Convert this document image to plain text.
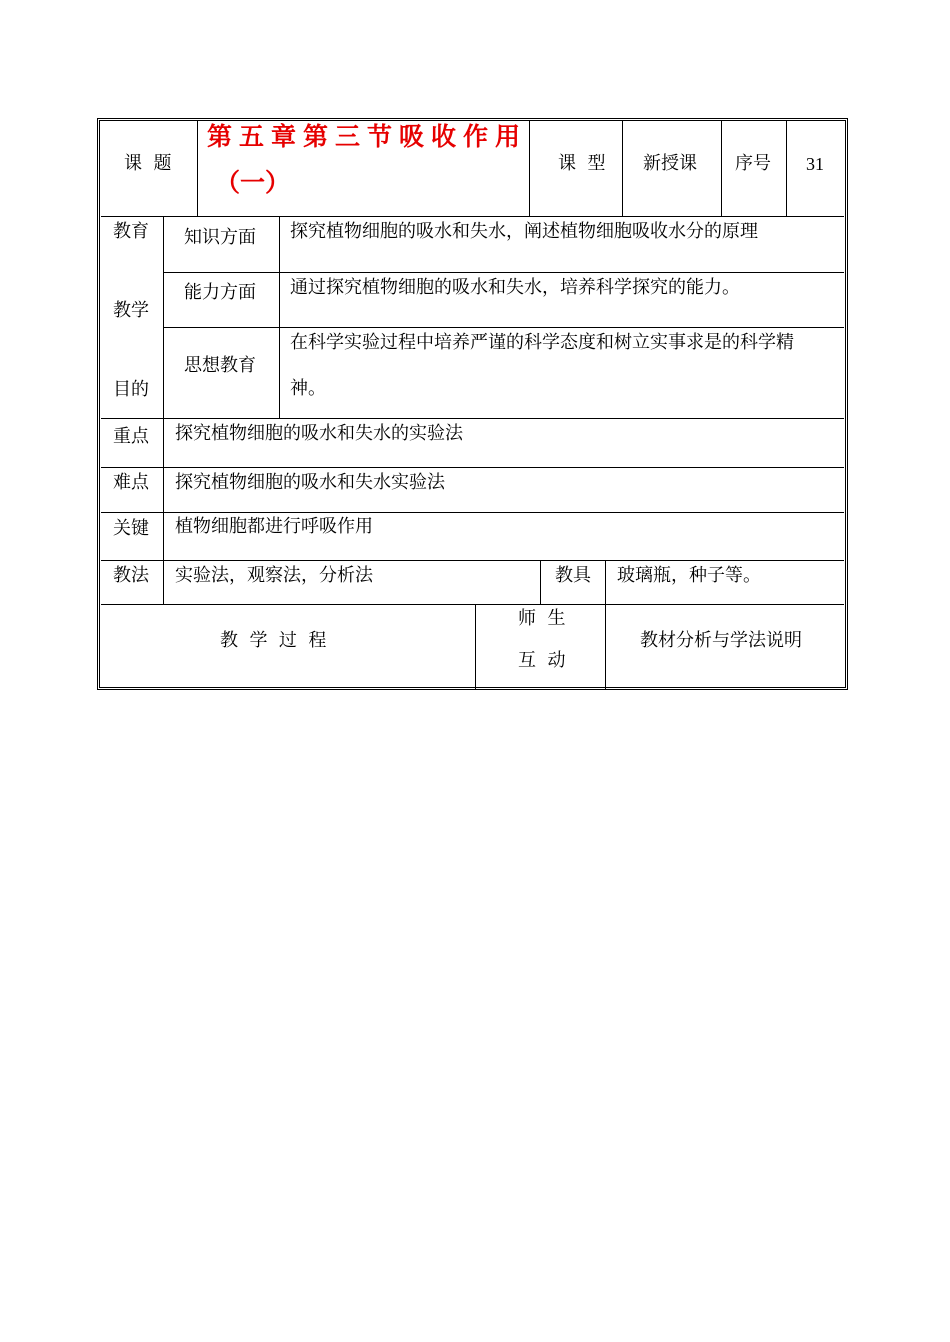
课  题
第五章第三节吸收作用
（一）
课  型 新授课 序号 31
教育
教学
目的
知识方面 探究植物细胞的吸水和失水，阐述植物细胞吸收水分的原理
能力方面 通过探究植物细胞的吸水和失水，培养科学探究的能力。
思想教育
在科学实验过程中培养严谨的科学态度和树立实事求是的科学精
神。
重点 探究植物细胞的吸水和失水的实验法
难点 探究植物细胞的吸水和失水实验法
关键 植物细胞都进行呼吸作用
教法 实验法，观察法，分析法	教具 玻璃瓶，种子等。
教  学  过  程
师  生
互  动
教材分析与学法说明
